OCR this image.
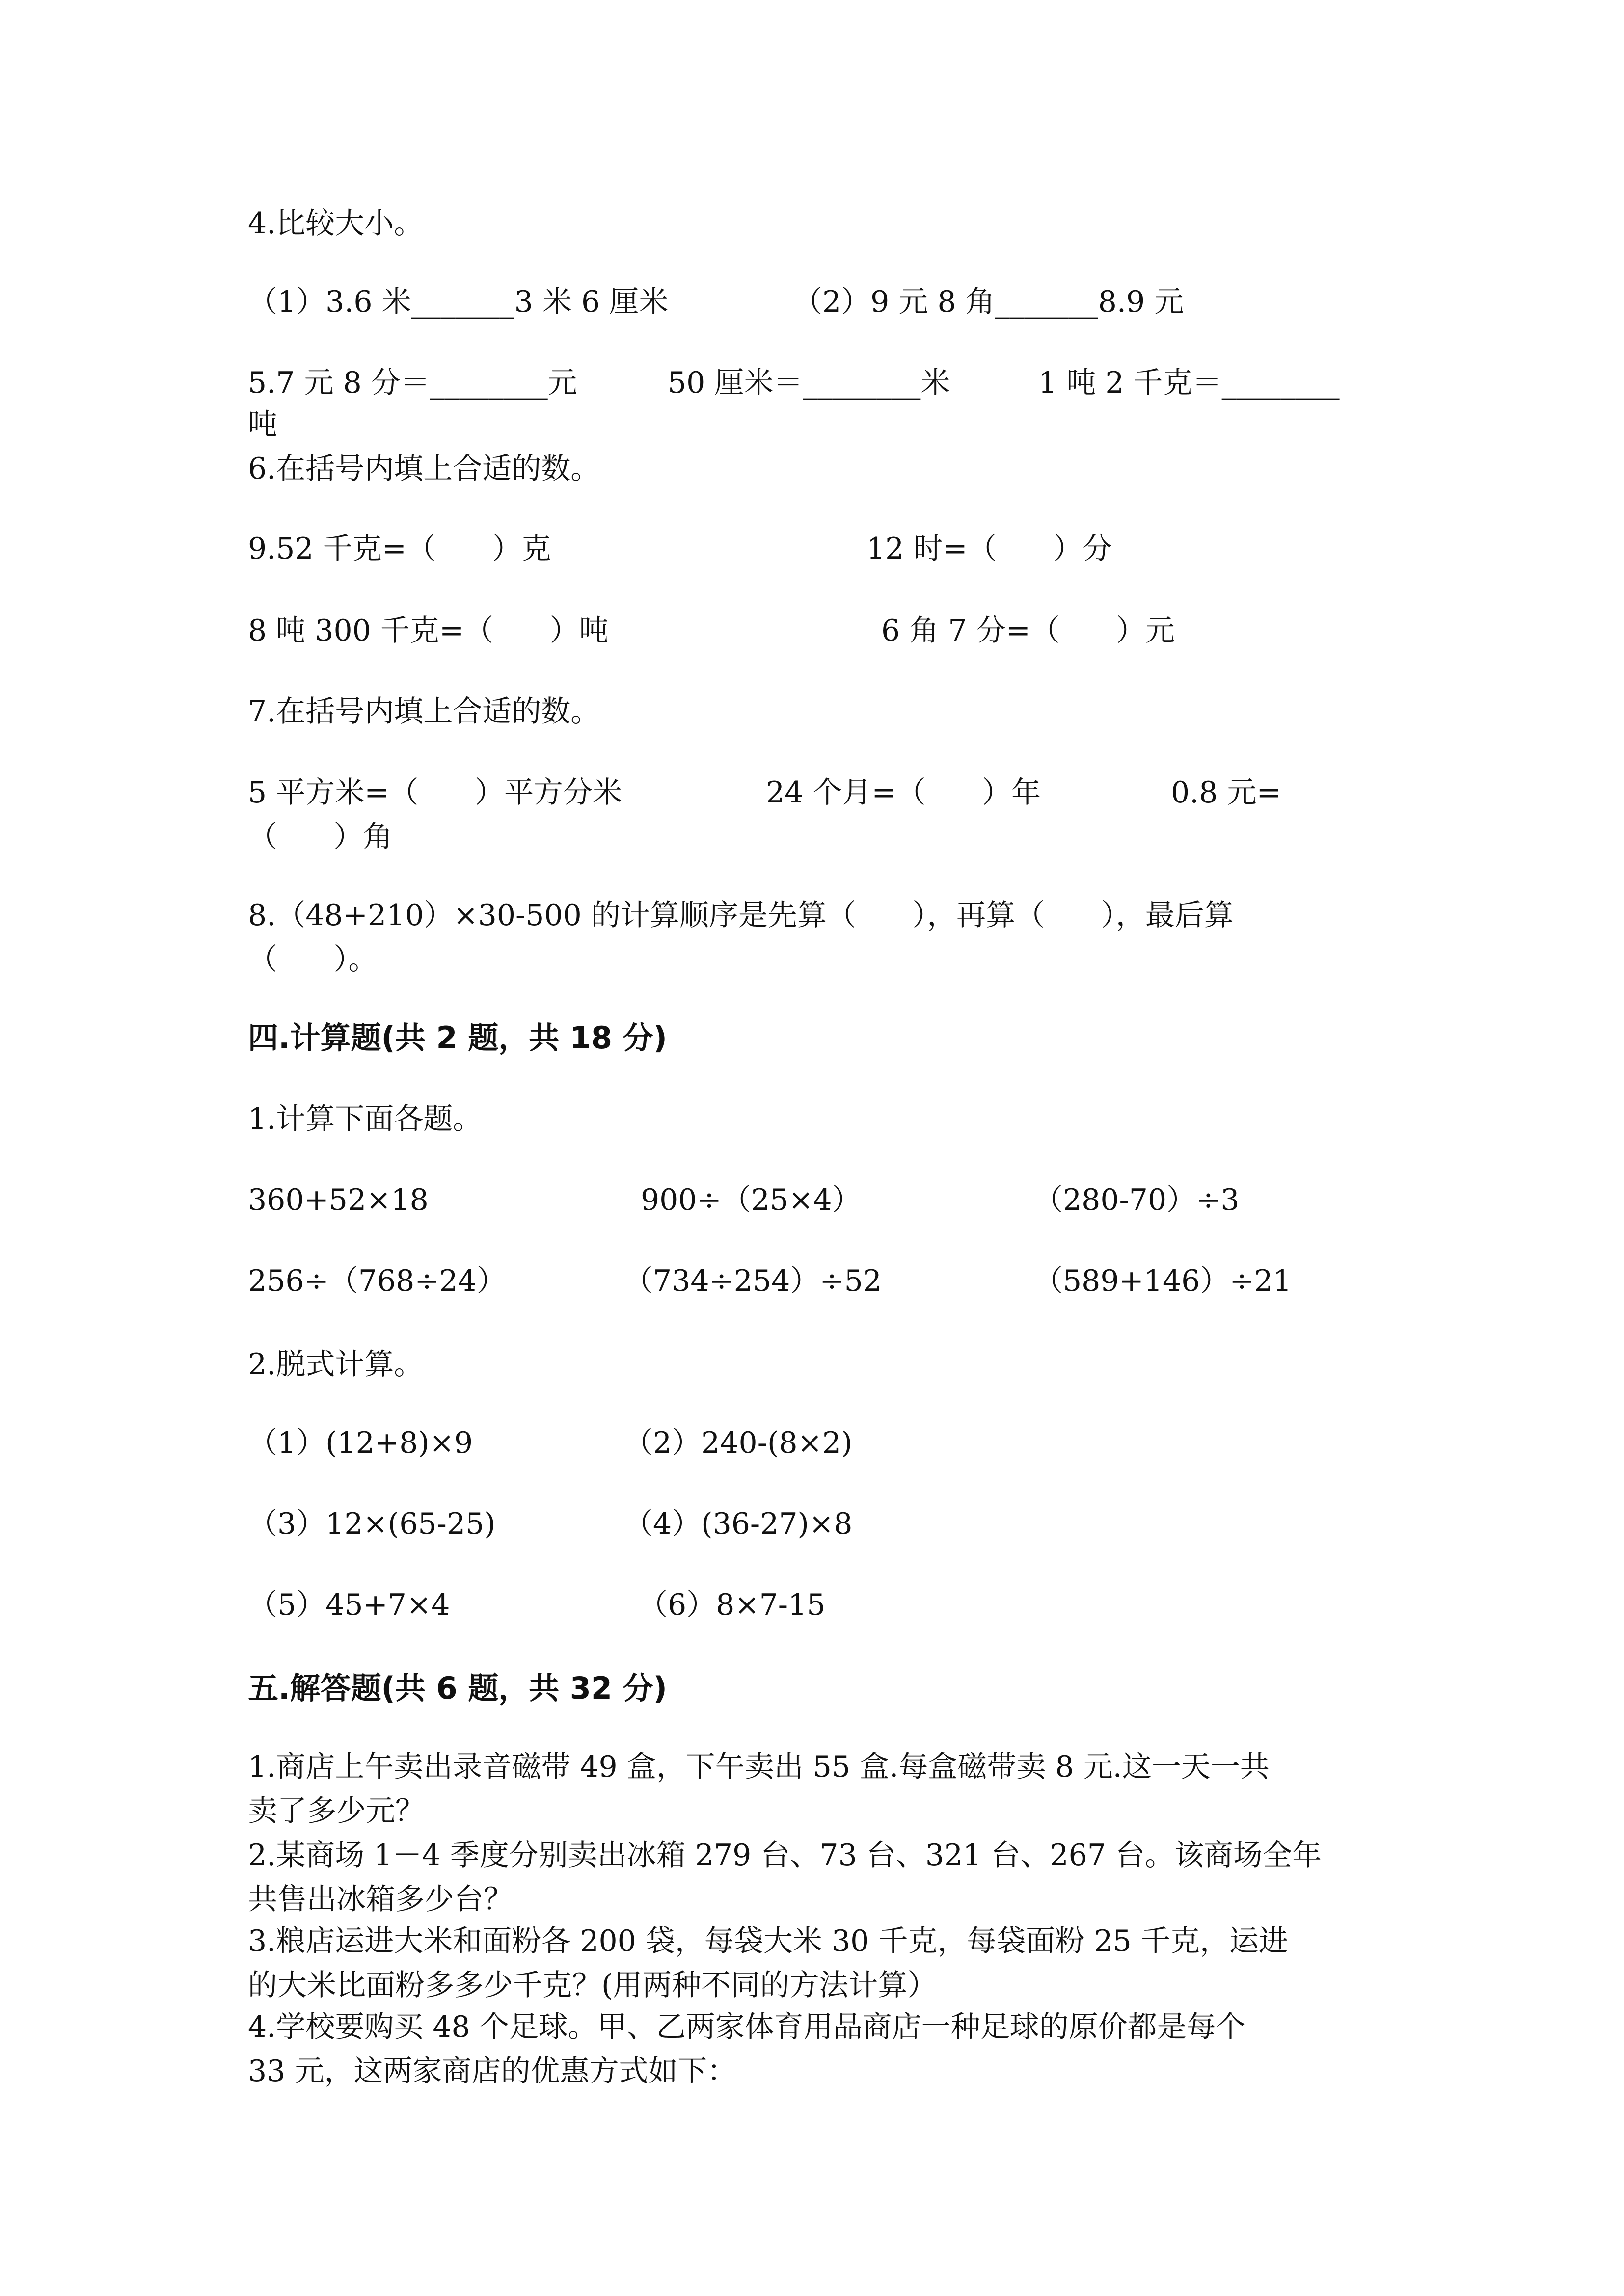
4.比较大小。
（1）3.6 米_______3 米 6 厘米	（2）9 元 8 角_______8.9 元
5.7 元 8 分＝________元	50 厘米＝________米	1 吨 2 千克＝________
吨
6.在括号内填上合适的数。
9.52 千克=（      ）克	12 时=（      ）分
8 吨 300 千克=（      ）吨	6 角 7 分=（      ）元
7.在括号内填上合适的数。
5 平方米=（      ）平方分米	24 个月=（      ）年	0.8 元=
（      ）角
8.（48+210）×30-500 的计算顺序是先算（      ），再算（      ），最后算
（      ）。
四.计算题(共 2 题，共 18 分)
1.计算下面各题。
360+52×18	900÷（25×4）	（280-70）÷3
256÷（768÷24）	（734÷254）÷52	（589+146）÷21
2.脱式计算。
（1）(12+8)×9	（2）240-(8×2)
（3）12×(65-25)	（4）(36-27)×8
（5）45+7×4	（6）8×7-15
五.解答题(共 6 题，共 32 分)
1.商店上午卖出录音磁带 49 盒，下午卖出 55 盒.每盒磁带卖 8 元.这一天一共
卖了多少元？
2.某商场 1－4 季度分别卖出冰箱 279 台、73 台、321 台、267 台。该商场全年
共售出冰箱多少台？
3.粮店运进大米和面粉各 200 袋，每袋大米 30 千克，每袋面粉 25 千克，运进
的大米比面粉多多少千克？(用两种不同的方法计算）
4.学校要购买 48 个足球。甲、乙两家体育用品商店一种足球的原价都是每个
33 元，这两家商店的优惠方式如下：
